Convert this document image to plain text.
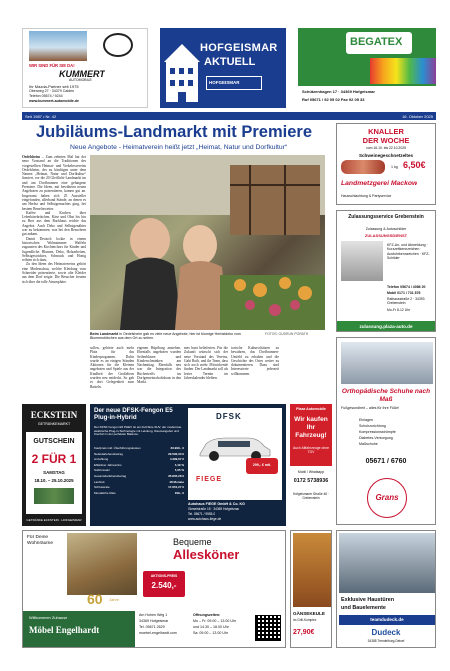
WIR SIND FÜR SIE DA!
KUMMERT
AUTOMOBILE
Ihr Mazda-Partner seit 1975
Oberweg 27 · 34379 Calden
Telefon 05674 / 9244
www.kummert-automobile.de
HOFGEISMAR
AKTUELL
HOFGEISMAR
BEGATEX
Schützenhagen 17 · 34369 Hofgeismar
Ruf 05671 / 92 05 02 Fax 92 05 33
Seit 1987 • Nr. 42	16. Oktober 2025
Jubiläums-Landmarkt mit Premiere
Neue Angebote - Heimatverein heißt jetzt „Heimat, Natur und Dorfkultur“

Oedelsheim – Zum zehnten Mal hat der neue Vorstand an die Traditionen des vorgestellten Heimat- und Verkehrsvereins Oedelsheim, der zu künftigen unter dem Namen „Heimat, Natur und Dorfkultur“ firmiert, vor die 20 Gleiflicht-Landmarkt im und am Dorfbrunnen eine gelungene Premiere. Die Ideen, mit bewährten neuen Angeboten zu präsentieren, kamen gut an. Insgesamt haben sich 25 Aussteller eingefunden, allerhand Stände, an denen es um Herbst und Selbstgemachtes ging, bei bestem Benefizwetter.

Kaffee und Kuchen über Leberkäsebrötchen, Käse und Obst bis hin zu Brot aus dem Backhaus reichte das Angebot. Auch Deko und Selbstgenähtes war zu bekommen, was bei den Besuchern gut ankam.

Damit Deutsch lockte in einem historischen Wohnzimmer Waffeln zugunsten des Kirchenchors für Kinder und Jugendliche. Blumen, Deko, Holzarbeiten, Selbstgestricktes, Schmuck und Honig reihten sich dazu.

Zu den Ideen des Heimatvereins gehört eine Modenschau, welche Kleidung vom Schneider präsentierte, sowie alte Kleider aus dem Dorf zeigte. Die Besucher freuten sich über die tolle Atmosphäre.

FOTOS: GUDRUN PORATH

Beim Landmarkt in Oedelsheim gab es viele neue Angebote, hier ist blumige Herbstdeko vom Blumenstübchen aus dem Ort zu sehen.

sollen, gehörte auch mehr Platz für das Kinderprogramm. Dafür wurde es an einigen Ständen Aktionen für die Kleinen angeboten und Spiele aus der Kindheit der Großeltern wurden neu entdeckt. So gab es dort Gelegenheit zum Basteln.

eigenen Hüpfburg anstehen. Ebenfalls angeboten wurden Seifenblasen und Kinderschminken am Nachmittag. Ebenfalls neu war die Integration des Büchertreffs im Dorfgemeinschaftshaus in den Markt.

mes bunt belieferten. Für die Zukunft wünscht sich der neue Vorstand des Vereins, Gabi Roth, und ihr Team, dass sich noch mehr Mitwirkende finden. Der Landmarkt soll als fester Termin im Jahreskalender bleiben.

torische Kulturschätzen zu bewahren, das Dorfbrunnen-Umfeld zu erhalten und die Geschichte des Ortes weiter zu dokumentieren. Dazu sind Interessierte jederzeit willkommen.

KNALLER
DER WOCHE
vom 16.10. bis 22.10.2025
Schweinegeschnetzeltes
1 kg 6,50€
Landmetzgerei Mackow
Hausschlachtung & Partyservice
Zulassungsservice Grebenstein
Zulassung & Autoschilder
ZULASSUNGSDIENST
KFZ-An- und Abmeldung · Kurzzeitkennzeichen · Ausfuhrkennzeichen · KFZ-Schilder
Telefon 05674 / 4086 20
Mobil 0171 / 731 876
Rathausstraße 2 · 34393 Grebenstein
Mo-Fr 8-12 Uhr
zulassung.plaza-auto.de
Orthopädische Schuhe nach Maß
Fußgesundheit – alles für Ihre Füße!
Einlagen
Schuhzurichtung
Kompressionsstrümpfe
Diabetes-Versorgung
Maßschuhe
05671 / 6760
Grans
ECKSTEIN
GETRÄNKEMARKT
GUTSCHEIN
2 FÜR 1
SAMSTAG
18.10. – 25.10.2025
GETRÄNKE ECKSTEIN · HOFGEISMAR
Der neue DFSK-Fengon E5 Plug-in-Hybrid
Der DFSK Fengon E5 PHEV ist ein Full-Size-SUV, der modernste elektrische Plug-in-Technologie mit Leistung, Raumangebot und Komfort in der perfekten Balance.
Kaufpreis inkl. Überführungskosten	33.990,- €
Nettodarlehensbetrag	29.590,33 €
Anzahlung	4.399,67 €
Effektiver Jahreszins	5,49 %
Sollzinssatz	5,35 %
Gesamtdarlehensbetrag	35.805,28 €
Laufzeit	48 Monate
Schlussrate	17.951,27 €
Monatliche Rate	299,- €
DFSK
299,- € mtl.
FIEGE
Autohaus FIEGE GmbH & Co. KG
Gieselstraße 15 · 34369 Hofgeismar
Tel. 05671 / 9555-0
www.autohaus-fiege.de
Plaza Automobile
Wir kaufen Ihr Fahrzeug!
Auch Altfahrzeuge ohne TÜV
Mobil / Whatsapp
0172 5738936
Hofgeismarer Straße 46 · Grebenstein
Für Deine Wohnräume	Bequeme
Allesköner
AKTIONS-PREIS
2.540,-
60 Jahre
Willkommen Zuhause
Möbel Engelhardt
Am Hohen Weg 1
34369 Hofgeismar
Tel. 05671 2629
moebel-engelhardt.com
Öffnungszeiten:
Mo – Fr: 09.00 – 13.00 Uhr
und 14.30 – 18.00 Uhr
Sa: 09.00 – 13.00 Uhr
GÄNSEKEULE
im Grill-Komplex
27,90€
Exklusive Haustüren
und Bauelemente
teamdudeck.de
Dudeck
34388 Trendelburg-Deisel
